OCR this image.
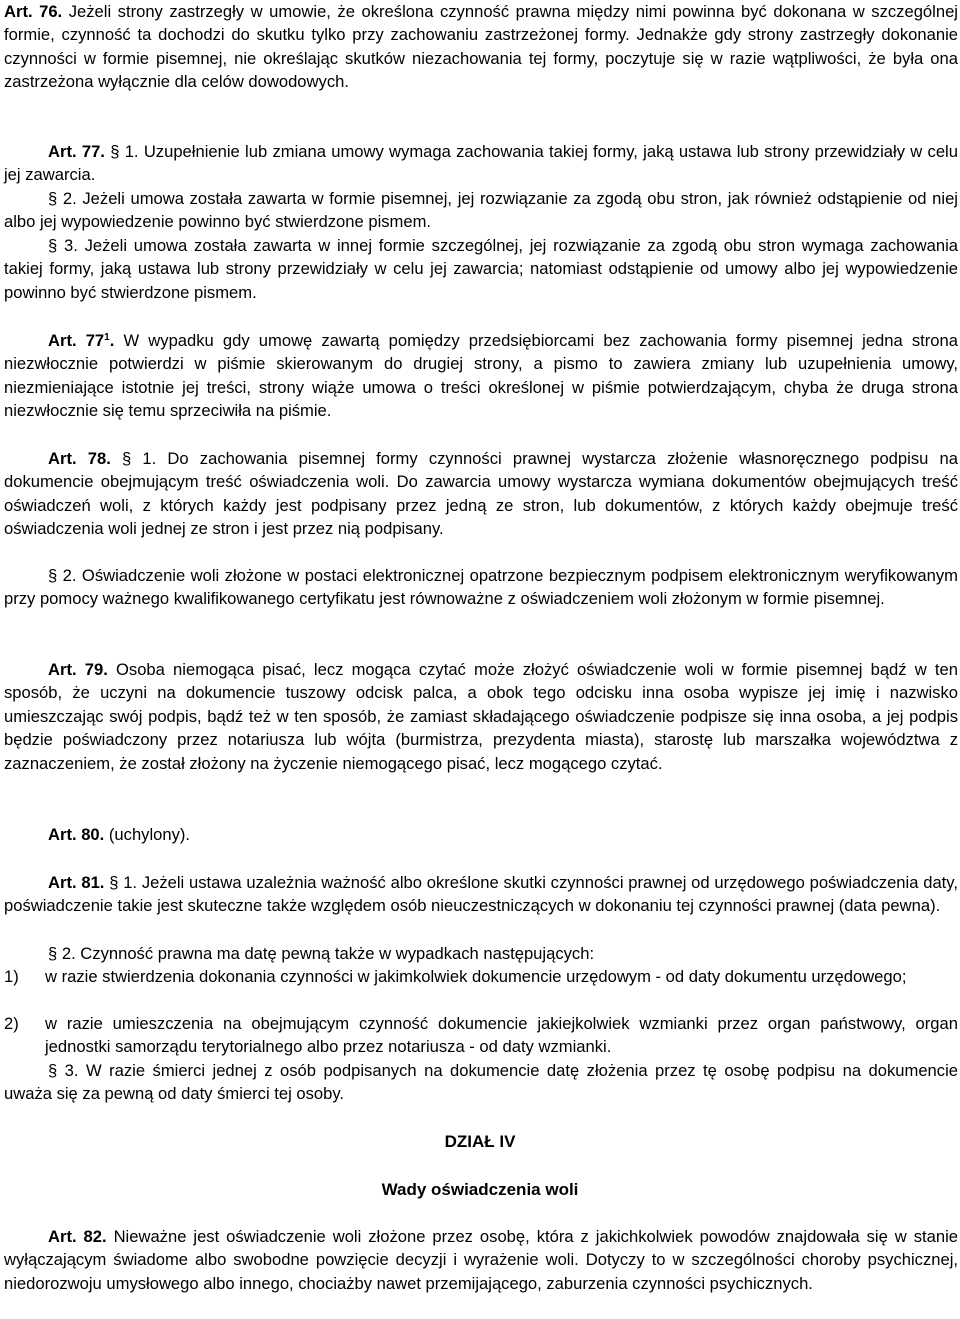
Art. 76. Jeżeli strony zastrzegły w umowie, że określona czynność prawna między nimi powinna być dokonana w szczególnej formie, czynność ta dochodzi do skutku tylko przy zachowaniu zastrzeżonej formy. Jednakże gdy strony zastrzegły dokonanie czynności w formie pisemnej, nie określając skutków niezachowania tej formy, poczytuje się w razie wątpliwości, że była ona zastrzeżona wyłącznie dla celów dowodowych.

Art. 77. § 1. Uzupełnienie lub zmiana umowy wymaga zachowania takiej formy, jaką ustawa lub strony przewidziały w celu jej zawarcia.

§ 2. Jeżeli umowa została zawarta w formie pisemnej, jej rozwiązanie za zgodą obu stron, jak również odstąpienie od niej albo jej wypowiedzenie powinno być stwierdzone pismem.

§ 3. Jeżeli umowa została zawarta w innej formie szczególnej, jej rozwiązanie za zgodą obu stron wymaga zachowania takiej formy, jaką ustawa lub strony przewidziały w celu jej zawarcia; natomiast odstąpienie od umowy albo jej wypowiedzenie powinno być stwierdzone pismem.

Art. $77^1$. W wypadku gdy umowę zawartą pomiędzy przedsiębiorcami bez zachowania formy pisemnej jedna strona niezwłocznie potwierdzi w piśmie skierowanym do drugiej strony, a pismo to zawiera zmiany lub uzupełnienia umowy, niezmieniające istotnie jej treści, strony wiąże umowa o treści określonej w piśmie potwierdzającym, chyba że druga strona niezwłocznie się temu sprzeciwiła na piśmie.

Art. 78. § 1. Do zachowania pisemnej formy czynności prawnej wystarcza złożenie własnoręcznego podpisu na dokumencie obejmującym treść oświadczenia woli. Do zawarcia umowy wystarcza wymiana dokumentów obejmujących treść oświadczeń woli, z których każdy jest podpisany przez jedną ze stron, lub dokumentów, z których każdy obejmuje treść oświadczenia woli jednej ze stron i jest przez nią podpisany.

§ 2. Oświadczenie woli złożone w postaci elektronicznej opatrzone bezpiecznym podpisem elektronicznym weryfikowanym przy pomocy ważnego kwalifikowanego certyfikatu jest równoważne z oświadczeniem woli złożonym w formie pisemnej.

Art. 79. Osoba niemogąca pisać, lecz mogąca czytać może złożyć oświadczenie woli w formie pisemnej bądź w ten sposób, że uczyni na dokumencie tuszowy odcisk palca, a obok tego odcisku inna osoba wypisze jej imię i nazwisko umieszczając swój podpis, bądź też w ten sposób, że zamiast składającego oświadczenie podpisze się inna osoba, a jej podpis będzie poświadczony przez notariusza lub wójta (burmistrza, prezydenta miasta), starostę lub marszałka województwa z zaznaczeniem, że został złożony na życzenie niemogącego pisać, lecz mogącego czytać.

Art. 80. (uchylony).

Art. 81. § 1. Jeżeli ustawa uzależnia ważność albo określone skutki czynności prawnej od urzędowego poświadczenia daty, poświadczenie takie jest skuteczne także względem osób nieuczestniczących w dokonaniu tej czynności prawnej (data pewna).

§ 2. Czynność prawna ma datę pewną także w wypadkach następujących:

1) w razie stwierdzenia dokonania czynności w jakimkolwiek dokumencie urzędowym - od daty dokumentu urzędowego;
2) w razie umieszczenia na obejmującym czynność dokumencie jakiejkolwiek wzmianki przez organ państwowy, organ jednostki samorządu terytorialnego albo przez notariusza - od daty wzmianki.

§ 3. W razie śmierci jednej z osób podpisanych na dokumencie datę złożenia przez tę osobę podpisu na dokumencie uważa się za pewną od daty śmierci tej osoby.

DZIAŁ IV

Wady oświadczenia woli

Art. 82. Nieważne jest oświadczenie woli złożone przez osobę, która z jakichkolwiek powodów znajdowała się w stanie wyłączającym świadome albo swobodne powzięcie decyzji i wyrażenie woli. Dotyczy to w szczególności choroby psychicznej, niedorozwoju umysłowego albo innego, chociażby nawet przemijającego, zaburzenia czynności psychicznych.
